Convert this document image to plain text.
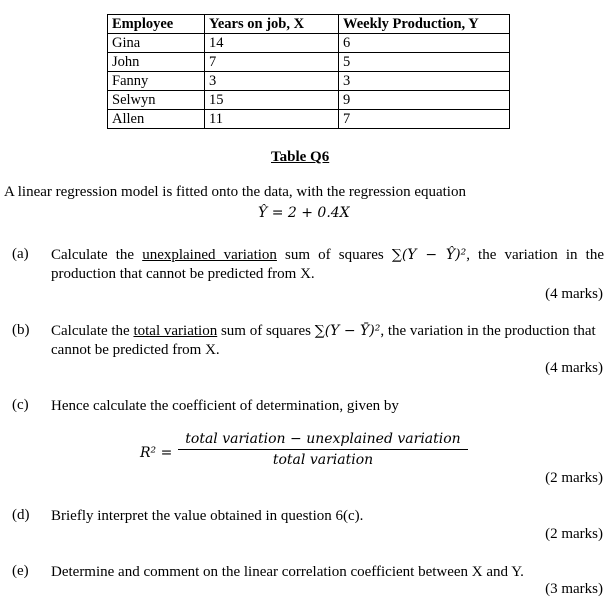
Employee	Years on job, X	Weekly Production, Y
Gina	14	6
John	7	5
Fanny	3	3
Selwyn	15	9
Allen	11	7
Table Q6
A linear regression model is fitted onto the data, with the regression equation
Ŷ = 2 + 0.4X
(a) Calculate the unexplained variation sum of squares ∑(Y − Ŷ)², the variation in the production that cannot be predicted from X.
(4 marks)
(b) Calculate the total variation sum of squares ∑(Y − Ȳ)², the variation in the production that cannot be predicted from X.
(4 marks)
(c) Hence calculate the coefficient of determination, given by
R² =
total variation − unexplained variation
total variation
(2 marks)
(d) Briefly interpret the value obtained in question 6(c).
(2 marks)
(e) Determine and comment on the linear correlation coefficient between X and Y.
(3 marks)
